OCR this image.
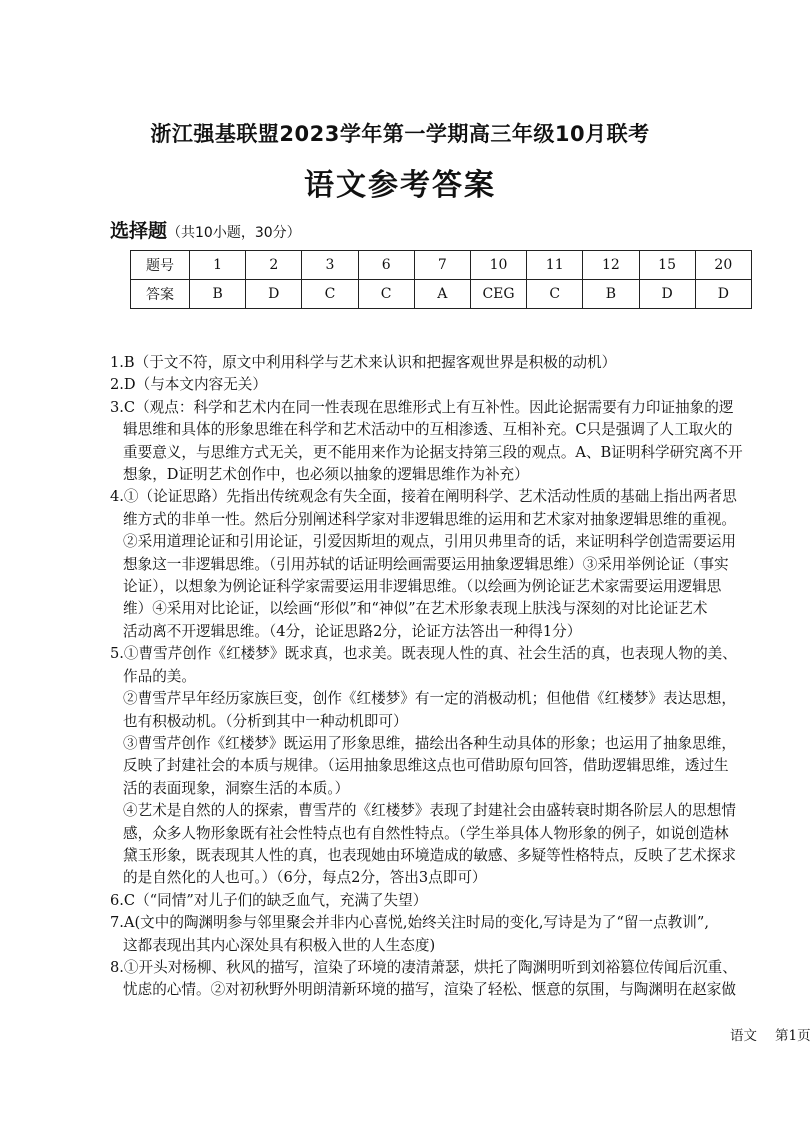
浙江强基联盟2023学年第一学期高三年级10月联考
语文参考答案
选择题（共10小题，30分）
题号	1	2	3	6	7	10	11	12	15	20
答案	B	D	C	C	A	CEG	C	B	D	D

1.B（于文不符，原文中利用科学与艺术来认识和把握客观世界是积极的动机）

2.D（与本文内容无关）

3.C（观点：科学和艺术内在同一性表现在思维形式上有互补性。因此论据需要有力印证抽象的逻

辑思维和具体的形象思维在科学和艺术活动中的互相渗透、互相补充。C只是强调了人工取火的

重要意义，与思维方式无关，更不能用来作为论据支持第三段的观点。A、B证明科学研究离不开

想象，D证明艺术创作中，也必须以抽象的逻辑思维作为补充）

4.①（论证思路）先指出传统观念有失全面，接着在阐明科学、艺术活动性质的基础上指出两者思

维方式的非单一性。然后分别阐述科学家对非逻辑思维的运用和艺术家对抽象逻辑思维的重视。

②采用道理论证和引用论证，引爱因斯坦的观点，引用贝弗里奇的话，来证明科学创造需要运用

想象这一非逻辑思维。（引用苏轼的话证明绘画需要运用抽象逻辑思维）③采用举例论证（事实

论证），以想象为例论证科学家需要运用非逻辑思维。（以绘画为例论证艺术家需要运用逻辑思

维）④采用对比论证，以绘画“形似”和“神似”在艺术形象表现上肤浅与深刻的对比论证艺术

活动离不开逻辑思维。（4分，论证思路2分，论证方法答出一种得1分）

5.①曹雪芹创作《红楼梦》既求真，也求美。既表现人性的真、社会生活的真，也表现人物的美、

作品的美。

②曹雪芹早年经历家族巨变，创作《红楼梦》有一定的消极动机；但他借《红楼梦》表达思想，

也有积极动机。（分析到其中一种动机即可）

③曹雪芹创作《红楼梦》既运用了形象思维，描绘出各种生动具体的形象；也运用了抽象思维，

反映了封建社会的本质与规律。（运用抽象思维这点也可借助原句回答，借助逻辑思维，透过生

活的表面现象，洞察生活的本质。）

④艺术是自然的人的探索，曹雪芹的《红楼梦》表现了封建社会由盛转衰时期各阶层人的思想情

感，众多人物形象既有社会性特点也有自然性特点。（学生举具体人物形象的例子，如说创造林

黛玉形象，既表现其人性的真，也表现她由环境造成的敏感、多疑等性格特点，反映了艺术探求

的是自然化的人也可。）（6分，每点2分，答出3点即可）

6.C（“同情”对儿子们的缺乏血气，充满了失望）

7.A(文中的陶渊明参与邻里聚会并非内心喜悦,始终关注时局的变化,写诗是为了“留一点教训”,

这都表现出其内心深处具有积极入世的人生态度)

8.①开头对杨柳、秋风的描写，渲染了环境的凄清萧瑟，烘托了陶渊明听到刘裕篡位传闻后沉重、

忧虑的心情。②对初秋野外明朗清新环境的描写，渲染了轻松、惬意的氛围，与陶渊明在赵家做

语文 第1页
